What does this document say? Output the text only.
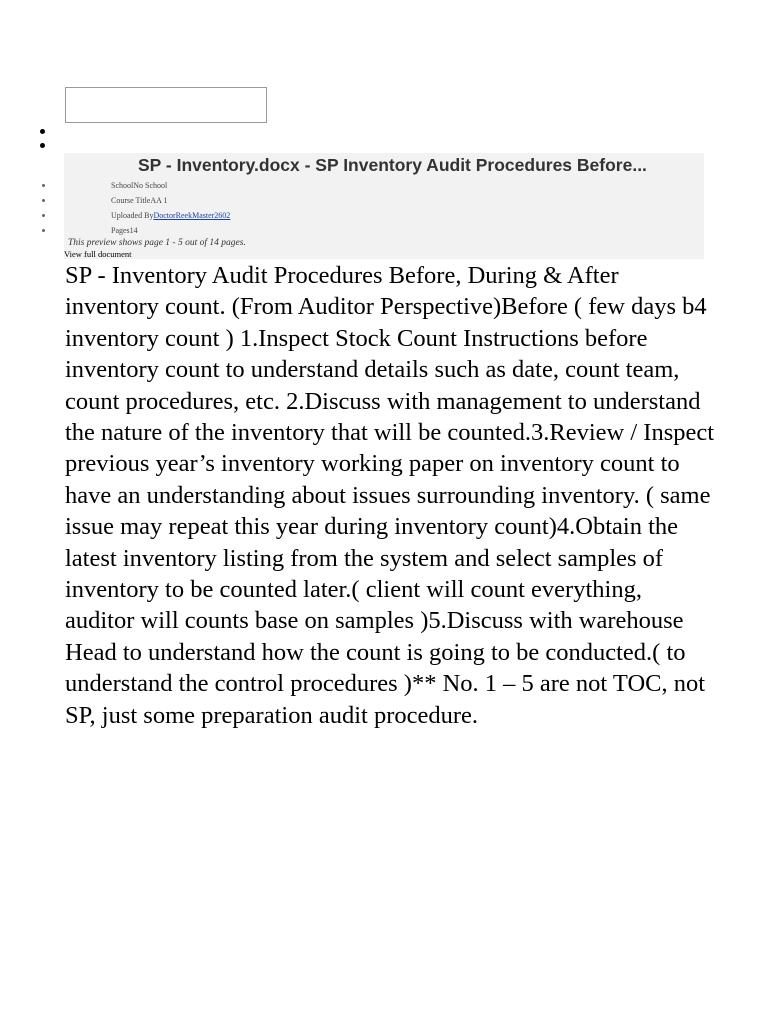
SP - Inventory.docx - SP Inventory Audit Procedures Before...
SchoolNo School
Course TitleAA 1
Uploaded ByDoctorReekMaster2602
Pages14

This preview shows page 1 - 5 out of 14 pages.

View full document

SP - Inventory Audit Procedures Before, During & After inventory count. (From Auditor Perspective)Before ( few days b4 inventory count ) 1.Inspect Stock Count Instructions before inventory count to understand details such as date, count team, count procedures, etc. 2.Discuss with management to understand the nature of the inventory that will be counted.3.Review / Inspect previous year’s inventory working paper on inventory count to have an understanding about issues surrounding inventory. ( same issue may repeat this year during inventory count)4.Obtain the latest inventory listing from the system and select samples of inventory to be counted later.( client will count everything, auditor will counts base on samples )5.Discuss with warehouse Head to understand how the count is going to be conducted.( to understand the control procedures )** No. 1 – 5 are not TOC, not SP, just some preparation audit procedure.
